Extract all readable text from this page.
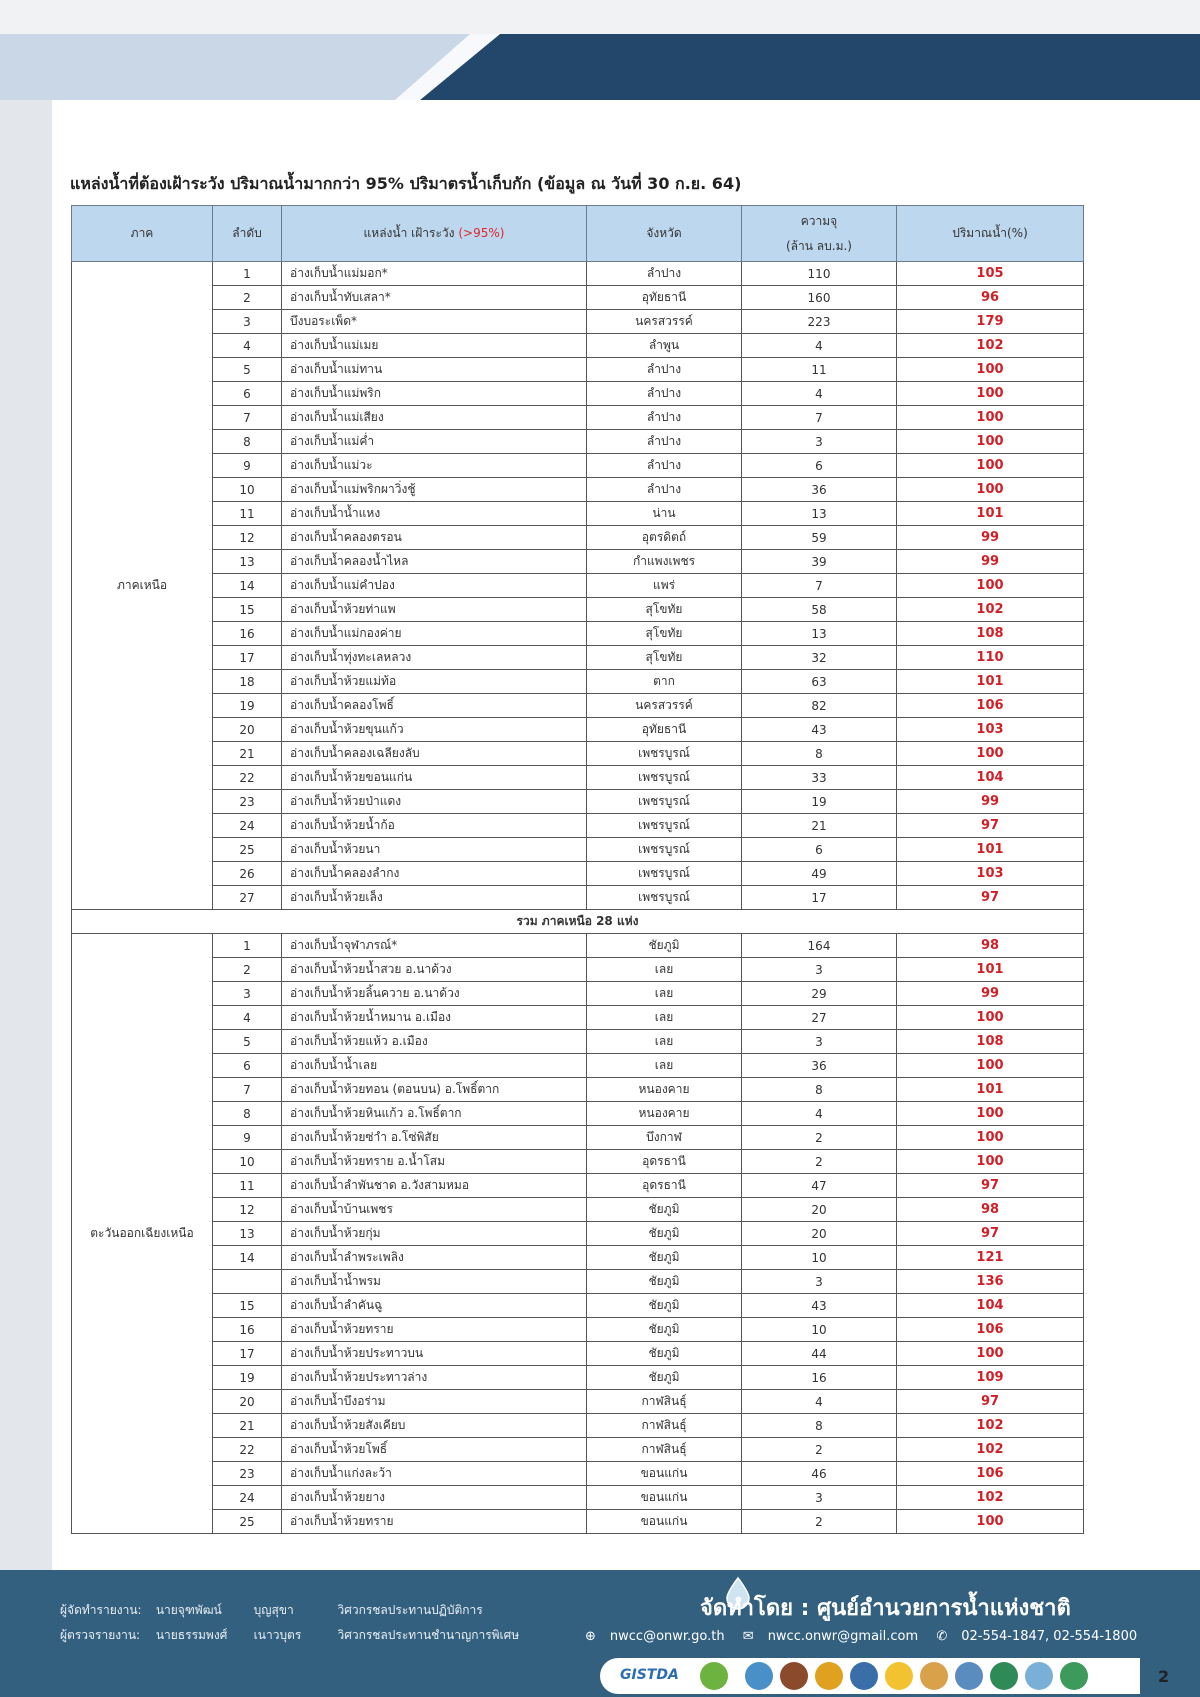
แหล่งน้ำที่ต้องเฝ้าระวัง ปริมาณน้ำมากกว่า 95% ปริมาตรน้ำเก็บกัก (ข้อมูล ณ วันที่ 30 ก.ย. 64)
ภาค	ลำดับ	แหล่งน้ำ เฝ้าระวัง (>95%)	จังหวัด	ความจุ
(ล้าน ลบ.ม.)	ปริมาณน้ำ(%)
ภาคเหนือ	1	อ่างเก็บน้ำแม่มอก*	ลำปาง	110	105
	2	อ่างเก็บน้ำทับเสลา*	อุทัยธานี	160	96
	3	บึงบอระเพ็ด*	นครสวรรค์	223	179
	4	อ่างเก็บน้ำแม่เมย	ลำพูน	4	102
	5	อ่างเก็บน้ำแม่ทาน	ลำปาง	11	100
	6	อ่างเก็บน้ำแม่พริก	ลำปาง	4	100
	7	อ่างเก็บน้ำแม่เสียง	ลำปาง	7	100
	8	อ่างเก็บน้ำแม่ค่ำ	ลำปาง	3	100
	9	อ่างเก็บน้ำแม่วะ	ลำปาง	6	100
	10	อ่างเก็บน้ำแม่พริกผาวิ่งชู้	ลำปาง	36	100
	11	อ่างเก็บน้ำน้ำแหง	น่าน	13	101
	12	อ่างเก็บน้ำคลองตรอน	อุตรดิตถ์	59	99
	13	อ่างเก็บน้ำคลองน้ำไหล	กำแพงเพชร	39	99
	14	อ่างเก็บน้ำแม่คำปอง	แพร่	7	100
	15	อ่างเก็บน้ำห้วยท่าแพ	สุโขทัย	58	102
	16	อ่างเก็บน้ำแม่กองค่าย	สุโขทัย	13	108
	17	อ่างเก็บน้ำทุ่งทะเลหลวง	สุโขทัย	32	110
	18	อ่างเก็บน้ำห้วยแม่ท้อ	ตาก	63	101
	19	อ่างเก็บน้ำคลองโพธิ์	นครสวรรค์	82	106
	20	อ่างเก็บน้ำห้วยขุนแก้ว	อุทัยธานี	43	103
	21	อ่างเก็บน้ำคลองเฉลียงลับ	เพชรบูรณ์	8	100
	22	อ่างเก็บน้ำห้วยขอนแก่น	เพชรบูรณ์	33	104
	23	อ่างเก็บน้ำห้วยป่าแดง	เพชรบูรณ์	19	99
	24	อ่างเก็บน้ำห้วยน้ำก้อ	เพชรบูรณ์	21	97
	25	อ่างเก็บน้ำห้วยนา	เพชรบูรณ์	6	101
	26	อ่างเก็บน้ำคลองลำกง	เพชรบูรณ์	49	103
	27	อ่างเก็บน้ำห้วยเล็ง	เพชรบูรณ์	17	97
รวม ภาคเหนือ 28 แห่ง					
ตะวันออกเฉียงเหนือ	1	อ่างเก็บน้ำจุฬาภรณ์*	ชัยภูมิ	164	98
	2	อ่างเก็บน้ำห้วยน้ำสวย อ.นาด้วง	เลย	3	101
	3	อ่างเก็บน้ำห้วยลิ้นควาย อ.นาด้วง	เลย	29	99
	4	อ่างเก็บน้ำห้วยน้ำหมาน อ.เมือง	เลย	27	100
	5	อ่างเก็บน้ำห้วยแห้ว อ.เมือง	เลย	3	108
	6	อ่างเก็บน้ำน้ำเลย	เลย	36	100
	7	อ่างเก็บน้ำห้วยทอน (ตอนบน) อ.โพธิ์ตาก	หนองคาย	8	101
	8	อ่างเก็บน้ำห้วยหินแก้ว อ.โพธิ์ตาก	หนองคาย	4	100
	9	อ่างเก็บน้ำห้วยซ่าำ อ.โซ่พิสัย	บึงกาฬ	2	100
	10	อ่างเก็บน้ำห้วยทราย อ.น้ำโสม	อุดรธานี	2	100
	11	อ่างเก็บน้ำลำพันชาด อ.วังสามหมอ	อุดรธานี	47	97
	12	อ่างเก็บน้ำบ้านเพชร	ชัยภูมิ	20	98
	13	อ่างเก็บน้ำห้วยกุ่ม	ชัยภูมิ	20	97
	14	อ่างเก็บน้ำลำพระเพลิง	ชัยภูมิ	10	121
		อ่างเก็บน้ำน้ำพรม	ชัยภูมิ	3	136
	15	อ่างเก็บน้ำลำคันฉู	ชัยภูมิ	43	104
	16	อ่างเก็บน้ำห้วยทราย	ชัยภูมิ	10	106
	17	อ่างเก็บน้ำห้วยประทาวบน	ชัยภูมิ	44	100
	19	อ่างเก็บน้ำห้วยประทาวล่าง	ชัยภูมิ	16	109
	20	อ่างเก็บน้ำบึงอร่าม	กาฬสินธุ์	4	97
	21	อ่างเก็บน้ำห้วยสังเคียบ	กาฬสินธุ์	8	102
	22	อ่างเก็บน้ำห้วยโพธิ์	กาฬสินธุ์	2	102
	23	อ่างเก็บน้ำแก่งละว้า	ขอนแก่น	46	106
	24	อ่างเก็บน้ำห้วยยาง	ขอนแก่น	3	102
	25	อ่างเก็บน้ำห้วยทราย	ขอนแก่น	2	100
จัดทำโดย : ศูนย์อำนวยการน้ำแห่งชาติ
⊕ nwcc@onwr.go.th ✉ nwcc.onwr@gmail.com ✆ 02-554-1847, 02-554-1800
ผู้จัดทำรายงาน: นายจุฑพัฒน์	บุญสุขา	วิศวกรชลประทานปฏิบัติการ
ผู้ตรวจรายงาน: นายธรรมพงศ์ เนาวบุตร	วิศวกรชลประทานชำนาญการพิเศษ
GISTDA	2
